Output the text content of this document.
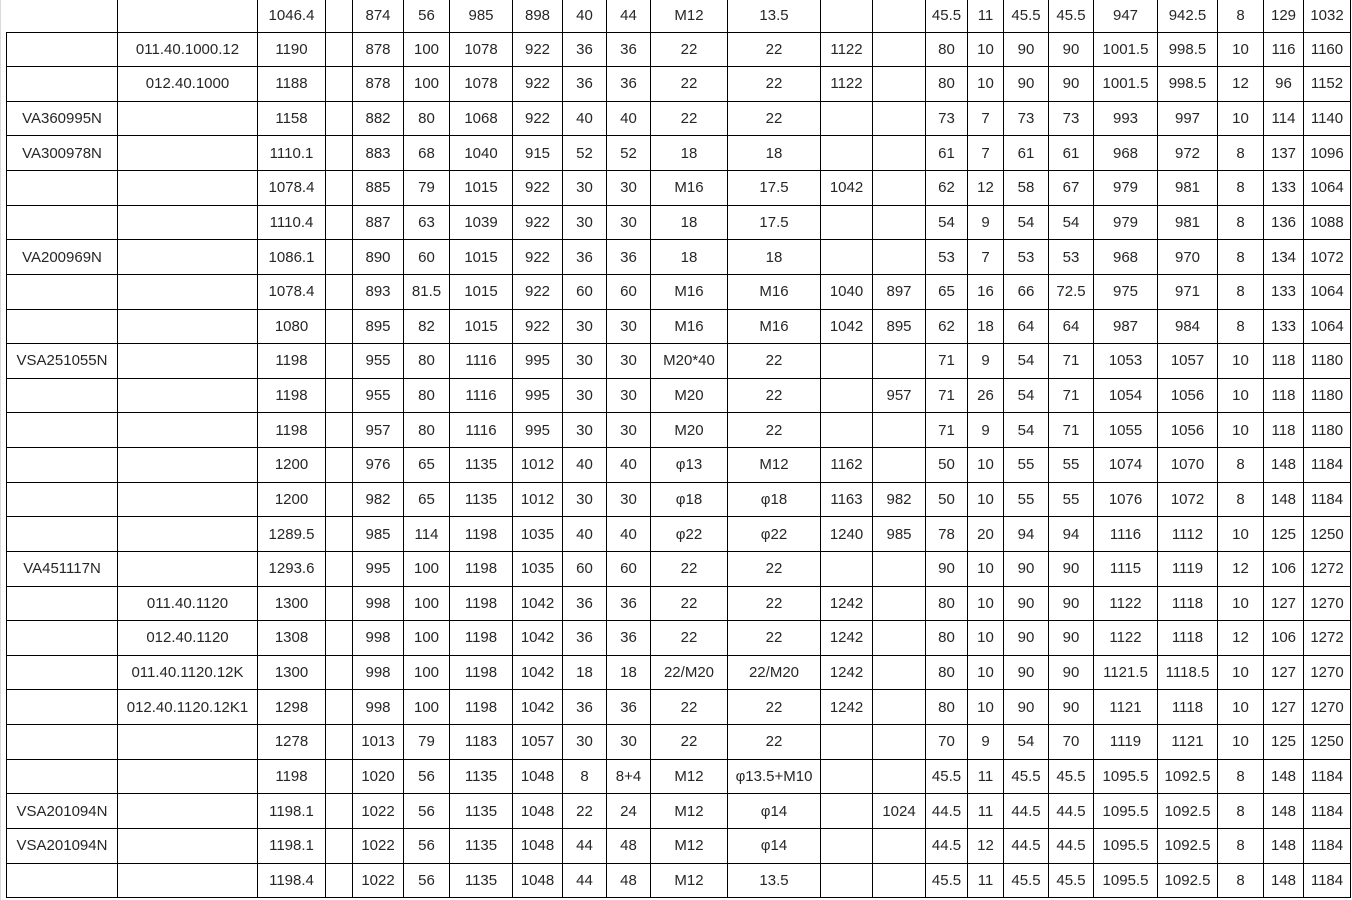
		1046.4		874	56	985	898	40	44	M12	13.5			45.5	11	45.5	45.5	947	942.5	8	129	1032
	011.40.1000.12	1190		878	100	1078	922	36	36	22	22	1122		80	10	90	90	1001.5	998.5	10	116	1160
	012.40.1000	1188		878	100	1078	922	36	36	22	22	1122		80	10	90	90	1001.5	998.5	12	96	1152
VA360995N		1158		882	80	1068	922	40	40	22	22			73	7	73	73	993	997	10	114	1140
VA300978N		1110.1		883	68	1040	915	52	52	18	18			61	7	61	61	968	972	8	137	1096
		1078.4		885	79	1015	922	30	30	M16	17.5	1042		62	12	58	67	979	981	8	133	1064
		1110.4		887	63	1039	922	30	30	18	17.5			54	9	54	54	979	981	8	136	1088
VA200969N		1086.1		890	60	1015	922	36	36	18	18			53	7	53	53	968	970	8	134	1072
		1078.4		893	81.5	1015	922	60	60	M16	M16	1040	897	65	16	66	72.5	975	971	8	133	1064
		1080		895	82	1015	922	30	30	M16	M16	1042	895	62	18	64	64	987	984	8	133	1064
VSA251055N		1198		955	80	1116	995	30	30	M20*40	22			71	9	54	71	1053	1057	10	118	1180
		1198		955	80	1116	995	30	30	M20	22		957	71	26	54	71	1054	1056	10	118	1180
		1198		957	80	1116	995	30	30	M20	22			71	9	54	71	1055	1056	10	118	1180
		1200		976	65	1135	1012	40	40	φ13	M12	1162		50	10	55	55	1074	1070	8	148	1184
		1200		982	65	1135	1012	30	30	φ18	φ18	1163	982	50	10	55	55	1076	1072	8	148	1184
		1289.5		985	114	1198	1035	40	40	φ22	φ22	1240	985	78	20	94	94	1116	1112	10	125	1250
VA451117N		1293.6		995	100	1198	1035	60	60	22	22			90	10	90	90	1115	1119	12	106	1272
	011.40.1120	1300		998	100	1198	1042	36	36	22	22	1242		80	10	90	90	1122	1118	10	127	1270
	012.40.1120	1308		998	100	1198	1042	36	36	22	22	1242		80	10	90	90	1122	1118	12	106	1272
	011.40.1120.12K	1300		998	100	1198	1042	18	18	22/M20	22/M20	1242		80	10	90	90	1121.5	1118.5	10	127	1270
	012.40.1120.12K1	1298		998	100	1198	1042	36	36	22	22	1242		80	10	90	90	1121	1118	10	127	1270
		1278		1013	79	1183	1057	30	30	22	22			70	9	54	70	1119	1121	10	125	1250
		1198		1020	56	1135	1048	8	8+4	M12	φ13.5+M10			45.5	11	45.5	45.5	1095.5	1092.5	8	148	1184
VSA201094N		1198.1		1022	56	1135	1048	22	24	M12	φ14		1024	44.5	11	44.5	44.5	1095.5	1092.5	8	148	1184
VSA201094N		1198.1		1022	56	1135	1048	44	48	M12	φ14			44.5	12	44.5	44.5	1095.5	1092.5	8	148	1184
		1198.4		1022	56	1135	1048	44	48	M12	13.5			45.5	11	45.5	45.5	1095.5	1092.5	8	148	1184
